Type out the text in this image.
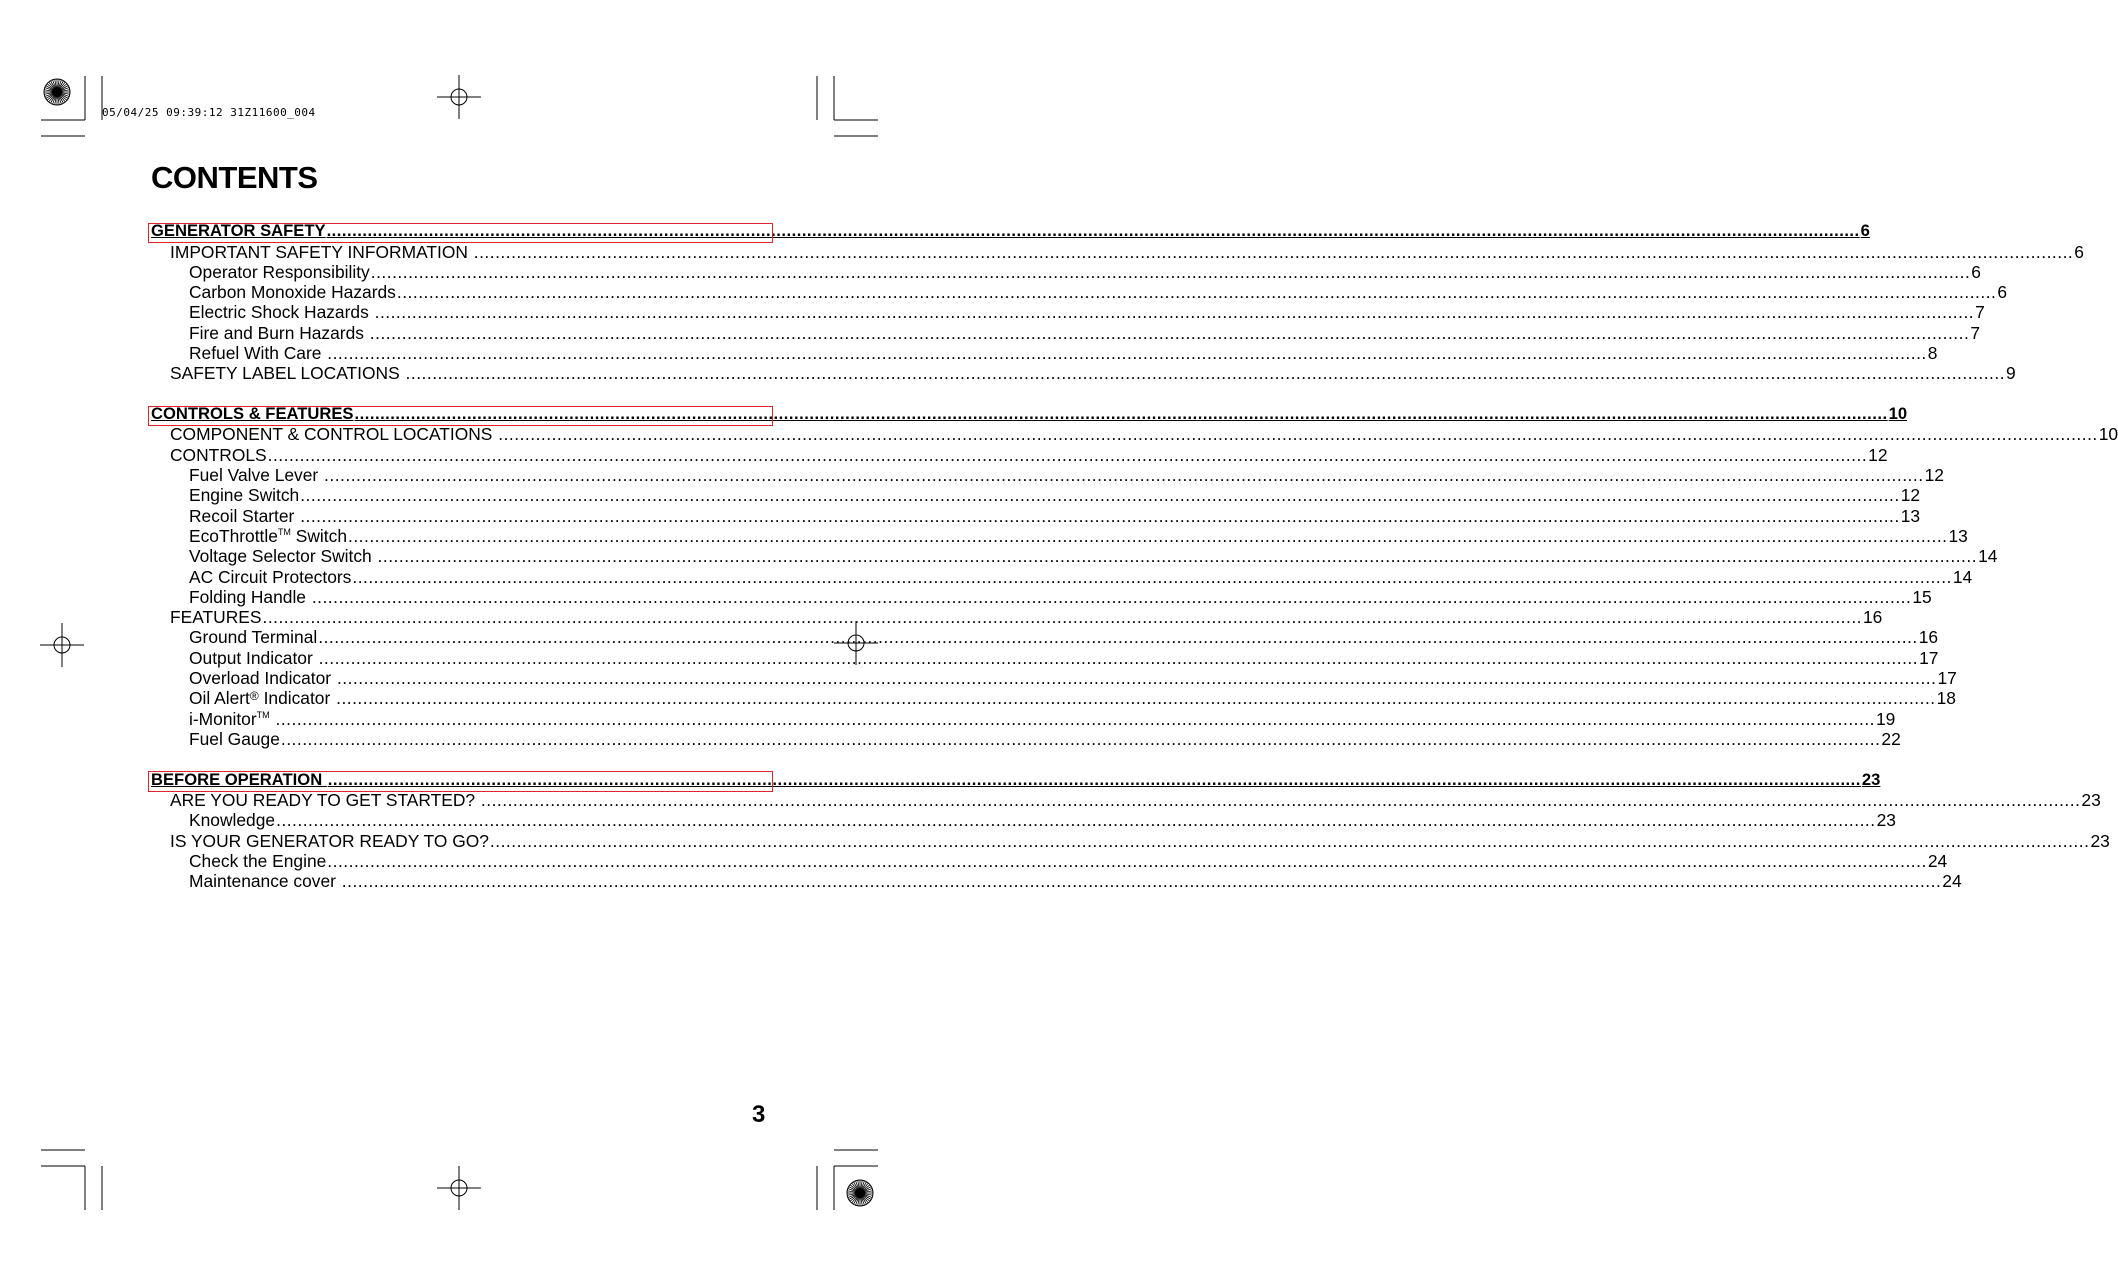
05/04/25 09:39:12 31Z11600_004
CONTENTS
GENERATOR SAFETY ............................................................................................................................................................................................................................................................................................................ 6
IMPORTANT SAFETY INFORMATION ............................................................................................................................................................................................................................................................................................................ 6
Operator Responsibility ............................................................................................................................................................................................................................................................................................................ 6
Carbon Monoxide Hazards ............................................................................................................................................................................................................................................................................................................ 6
Electric Shock Hazards ............................................................................................................................................................................................................................................................................................................ 7
Fire and Burn Hazards ............................................................................................................................................................................................................................................................................................................ 7
Refuel With Care ............................................................................................................................................................................................................................................................................................................ 8
SAFETY LABEL LOCATIONS ............................................................................................................................................................................................................................................................................................................ 9
CONTROLS & FEATURES ............................................................................................................................................................................................................................................................................................................ 10
COMPONENT & CONTROL LOCATIONS ............................................................................................................................................................................................................................................................................................................ 10
CONTROLS ............................................................................................................................................................................................................................................................................................................ 12
Fuel Valve Lever ............................................................................................................................................................................................................................................................................................................ 12
Engine Switch ............................................................................................................................................................................................................................................................................................................ 12
Recoil Starter ............................................................................................................................................................................................................................................................................................................ 13
EcoThrottle™ Switch ............................................................................................................................................................................................................................................................................................................ 13
Voltage Selector Switch ............................................................................................................................................................................................................................................................................................................ 14
AC Circuit Protectors ............................................................................................................................................................................................................................................................................................................ 14
Folding Handle ............................................................................................................................................................................................................................................................................................................ 15
FEATURES ............................................................................................................................................................................................................................................................................................................ 16
Ground Terminal ............................................................................................................................................................................................................................................................................................................ 16
Output Indicator ............................................................................................................................................................................................................................................................................................................ 17
Overload Indicator ............................................................................................................................................................................................................................................................................................................ 17
Oil Alert® Indicator ............................................................................................................................................................................................................................................................................................................ 18
i-Monitor™ ............................................................................................................................................................................................................................................................................................................ 19
Fuel Gauge ............................................................................................................................................................................................................................................................................................................ 22
BEFORE OPERATION ............................................................................................................................................................................................................................................................................................................ 23
ARE YOU READY TO GET STARTED? ............................................................................................................................................................................................................................................................................................................ 23
Knowledge ............................................................................................................................................................................................................................................................................................................ 23
IS YOUR GENERATOR READY TO GO? ............................................................................................................................................................................................................................................................................................................ 23
Check the Engine ............................................................................................................................................................................................................................................................................................................ 24
Maintenance cover ............................................................................................................................................................................................................................................................................................................ 24
3
